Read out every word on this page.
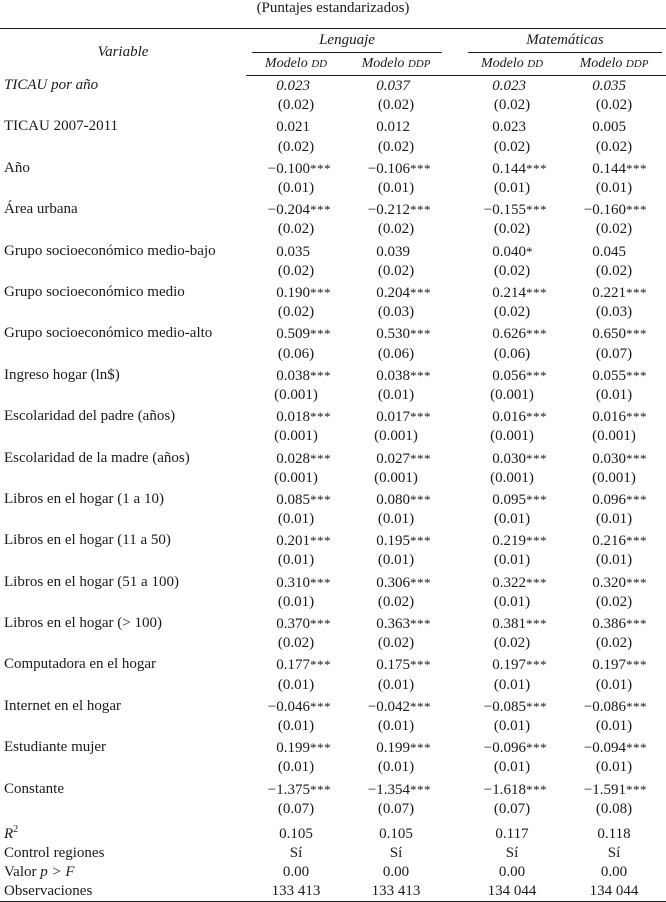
(Puntajes estandarizados)
Variable	Lenguaje			Matemáticas	

	Modelo DD	Modelo DDP		Modelo DD	Modelo DDP
TICAU por año	0.023	0.037		0.023	0.035
	(0.02)	(0.02)		(0.02)	(0.02)
TICAU 2007-2011	0.021	0.012		0.023	0.005
	(0.02)	(0.02)		(0.02)	(0.02)
Año	−0.100***	−0.106***		0.144***	0.144***
	(0.01)	(0.01)		(0.01)	(0.01)
Área urbana	−0.204***	−0.212***		−0.155***	−0.160***
	(0.02)	(0.02)		(0.02)	(0.02)
Grupo socioeconómico medio-bajo	0.035	0.039		0.040*	0.045
	(0.02)	(0.02)		(0.02)	(0.02)
Grupo socioeconómico medio	0.190***	0.204***		0.214***	0.221***
	(0.02)	(0.03)		(0.02)	(0.03)
Grupo socioeconómico medio-alto	0.509***	0.530***		0.626***	0.650***
	(0.06)	(0.06)		(0.06)	(0.07)
Ingreso hogar (ln$)	0.038***	0.038***		0.056***	0.055***
	(0.001)	(0.01)		(0.001)	(0.01)
Escolaridad del padre (años)	0.018***	0.017***		0.016***	0.016***
	(0.001)	(0.001)		(0.001)	(0.001)
Escolaridad de la madre (años)	0.028***	0.027***		0.030***	0.030***
	(0.001)	(0.001)		(0.001)	(0.001)
Libros en el hogar (1 a 10)	0.085***	0.080***		0.095***	0.096***
	(0.01)	(0.01)		(0.01)	(0.01)
Libros en el hogar (11 a 50)	0.201***	0.195***		0.219***	0.216***
	(0.01)	(0.01)		(0.01)	(0.01)
Libros en el hogar (51 a 100)	0.310***	0.306***		0.322***	0.320***
	(0.01)	(0.02)		(0.01)	(0.02)
Libros en el hogar (> 100)	0.370***	0.363***		0.381***	0.386***
	(0.02)	(0.02)		(0.02)	(0.02)
Computadora en el hogar	0.177***	0.175***		0.197***	0.197***
	(0.01)	(0.01)		(0.01)	(0.01)
Internet en el hogar	−0.046***	−0.042***		−0.085***	−0.086***
	(0.01)	(0.01)		(0.01)	(0.01)
Estudiante mujer	0.199***	0.199***		−0.096***	−0.094***
	(0.01)	(0.01)		(0.01)	(0.01)
Constante	−1.375***	−1.354***		−1.618***	−1.591***
	(0.07)	(0.07)		(0.07)	(0.08)
$R^2$	0.105	0.105		0.117	0.118
Control regiones	Sí	Sí		Sí	Sí
Valor p > F	0.00	0.00		0.00	0.00
Observaciones	133 413	133 413		134 044	134 044
